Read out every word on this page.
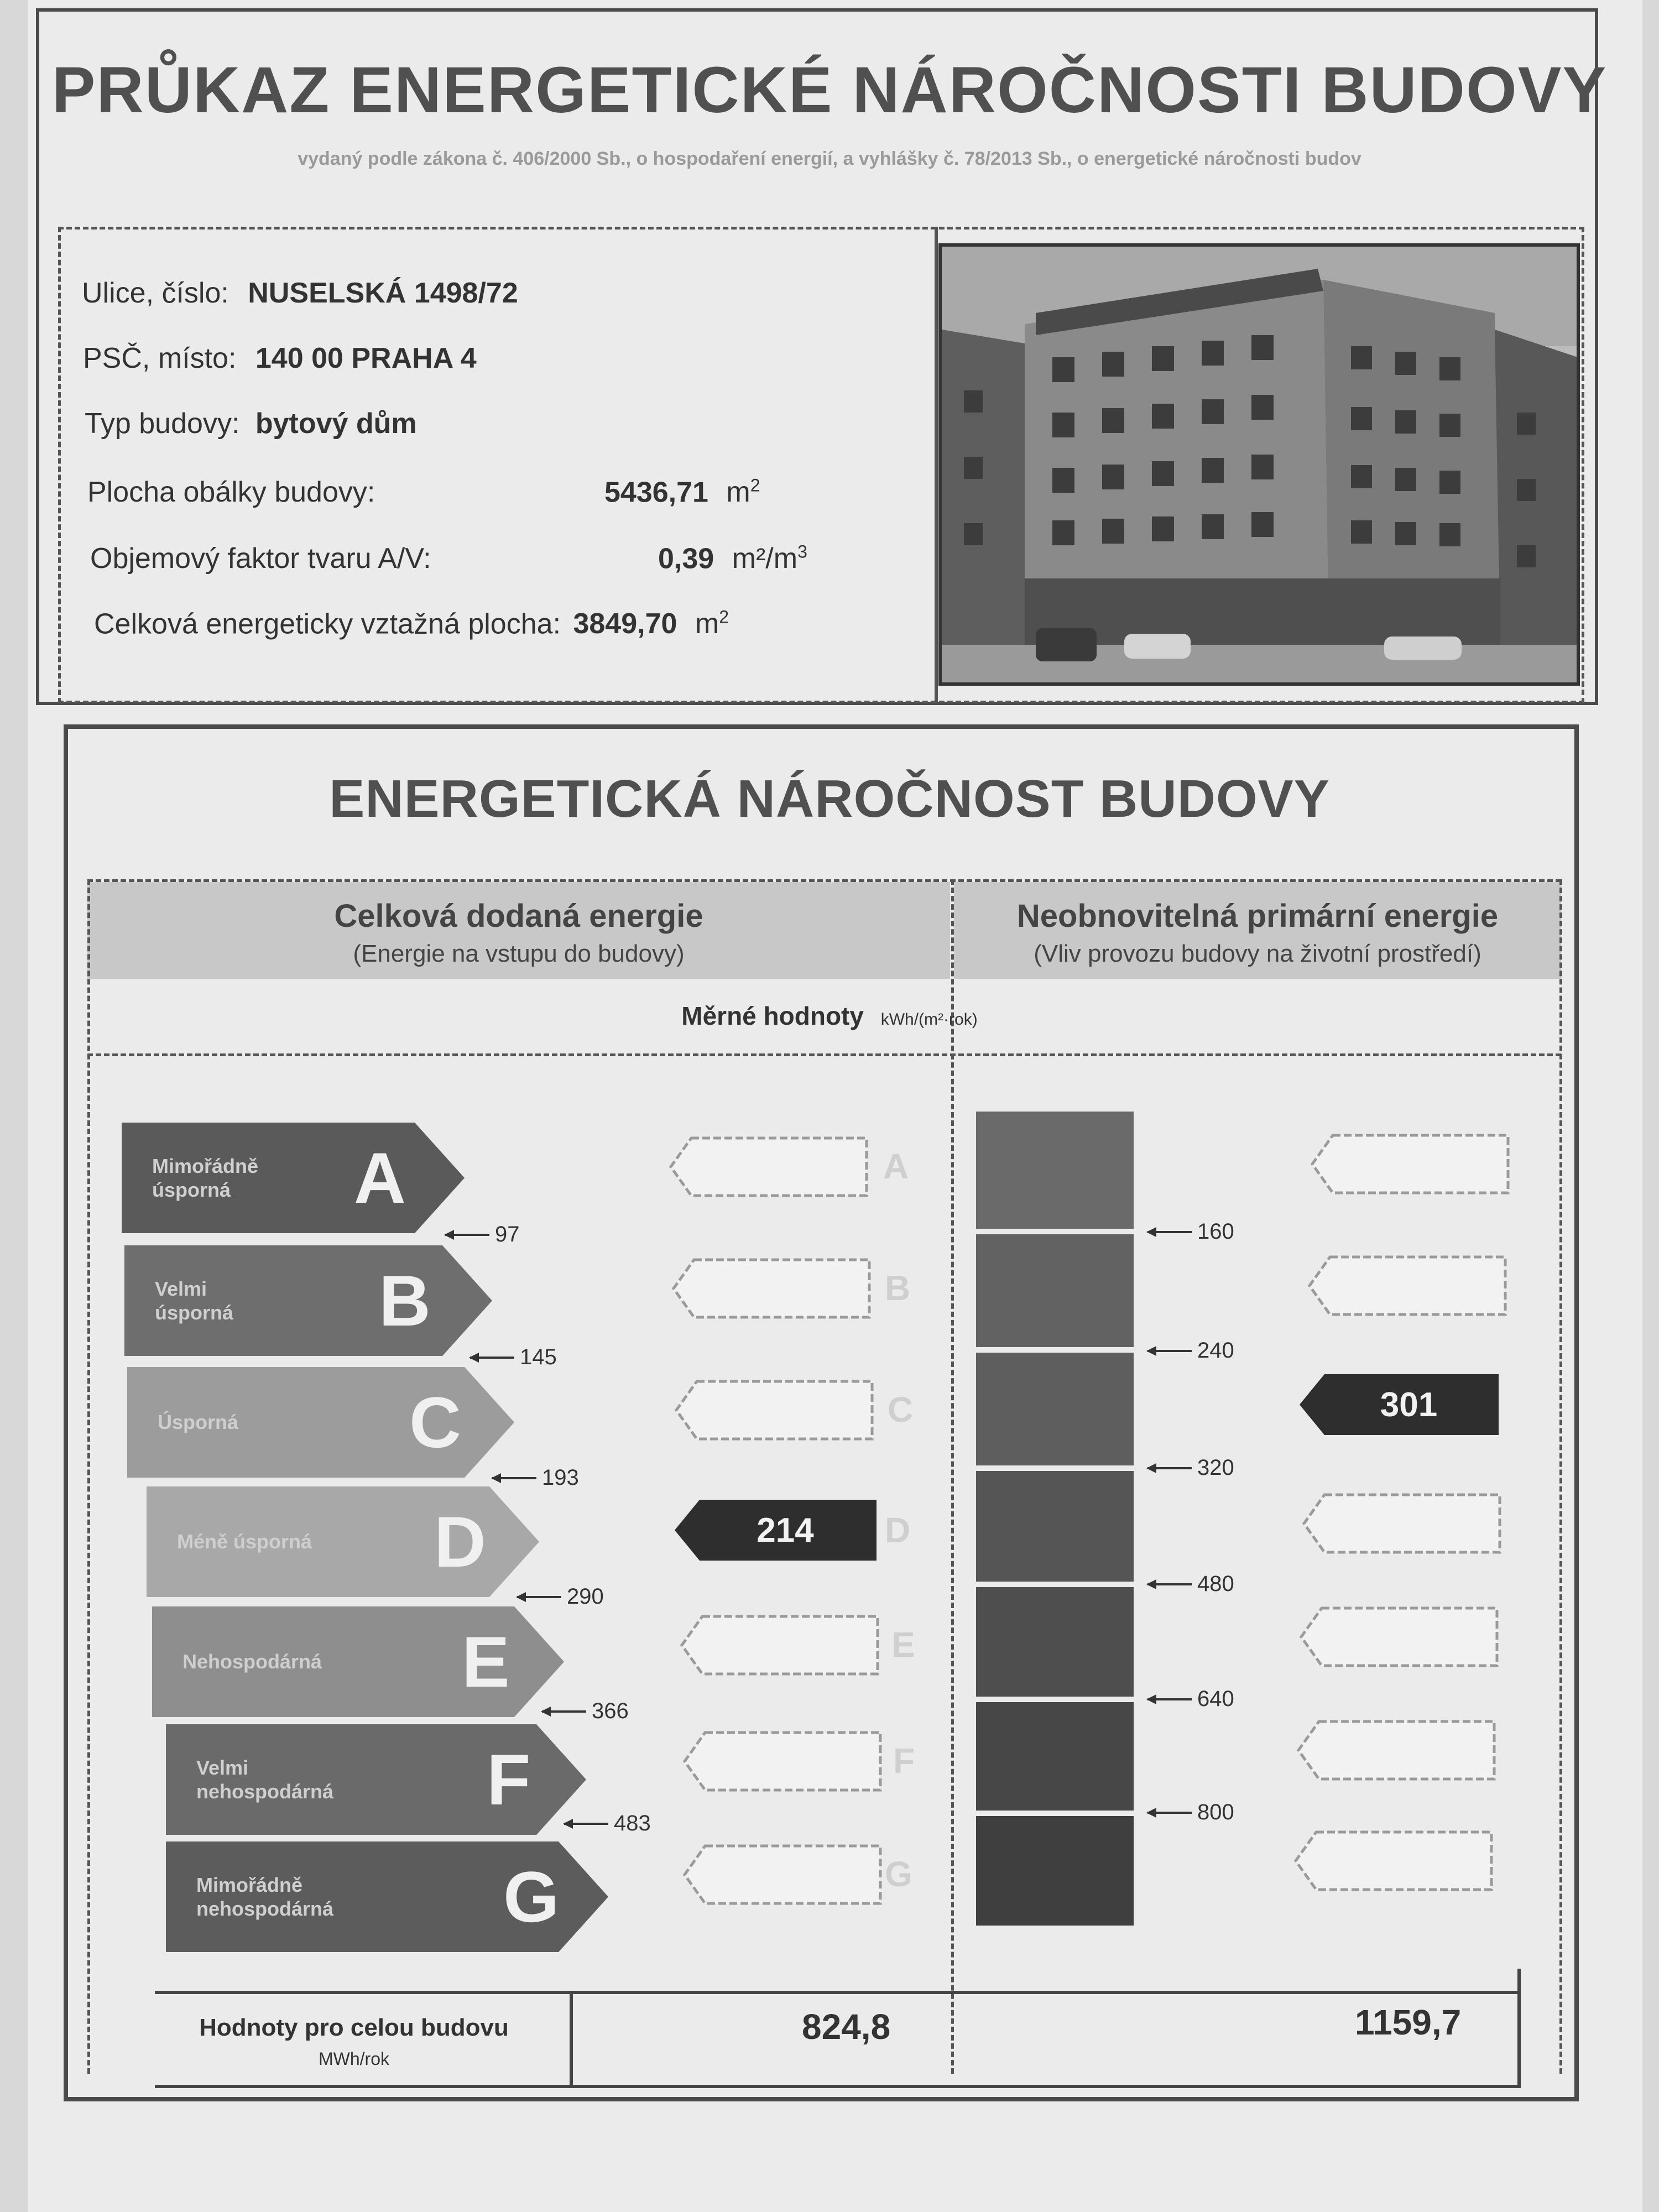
PRŮKAZ ENERGETICKÉ NÁROČNOSTI BUDOVY
vydaný podle zákona č. 406/2000 Sb., o hospodaření energií, a vyhlášky č. 78/2013 Sb., o energetické náročnosti budov
Ulice, číslo: NUSELSKÁ 1498/72
PSČ, místo: 140 00 PRAHA 4
Typ budovy: bytový dům
Plocha obálky budovy:	5436,71 $m^2$
Objemový faktor tvaru A/V:	0,39 $m^2/m^3$
Celková energeticky vztažná plocha: 3849,70 $m^2$
ENERGETICKÁ NÁROČNOST BUDOVY
Celková dodaná energie
(Energie na vstupu do budovy)
Neobnovitelná primární energie
(Vliv provozu budovy na životní prostředí)
Měrné hodnoty kWh/(m²·rok)
Mimořádně
úsporná	A
Velmi
úsporná B
Úsporná C
Méně úsporná D
Nehospodárná E
Velmi
nehospodárná F
Mimořádně
nehospodárná G
97
145
193
290
366
483
A
B
C
D
E
F
G
214
160
240
320
480
640
800
301
Hodnoty pro celou budovu
MWh/rok
824,8	1159,7
